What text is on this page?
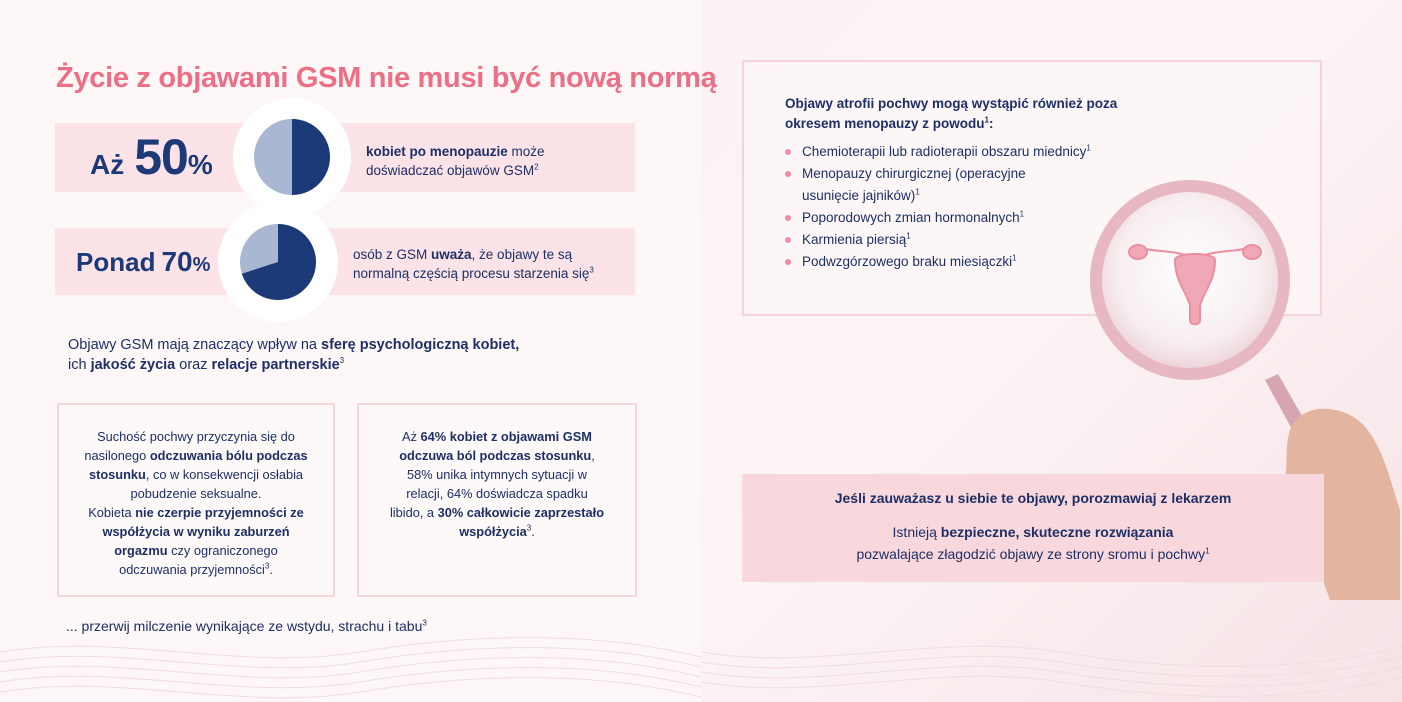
Życie z objawami GSM nie musi być nową normą
Aż 50 %	kobiet po menopauzie może doświadczać objawów GSM$^2$
Ponad 70 %	osób z GSM uważa, że objawy te są normalną częścią procesu starzenia się$^3$
Objawy GSM mają znaczący wpływ na sferę psychologiczną kobiet,
ich jakość życia oraz relacje partnerskie$^3$
Suchość pochwy przyczynia się do nasilonego odczuwania bólu podczas stosunku, co w konsekwencji osłabia pobudzenie seksualne.
Kobieta nie czerpie przyjemności ze współżycia w wyniku zaburzeń orgazmu czy ograniczonego odczuwania przyjemności$^3$.
Aż 64% kobiet z objawami GSM odczuwa ból podczas stosunku, 58% unika intymnych sytuacji w relacji, 64% doświadcza spadku libido, a 30% całkowicie zaprzestało współżycia$^3$.
... przerwij milczenie wynikające ze wstydu, strachu i tabu$^3$
Objawy atrofii pochwy mogą wystąpić również poza okresem menopauzy z powodu$^1$:
Chemioterapii lub radioterapii obszaru miednicy$^1$
Menopauzy chirurgicznej (operacyjne usunięcie jajników)$^1$
Poporodowych zmian hormonalnych$^1$
Karmienia piersią$^1$
Podwzgórzowego braku miesiączki$^1$
Jeśli zauważasz u siebie te objawy, porozmawiaj z lekarzem
Istnieją bezpieczne, skuteczne rozwiązania
pozwalające złagodzić objawy ze strony sromu i pochwy$^1$
